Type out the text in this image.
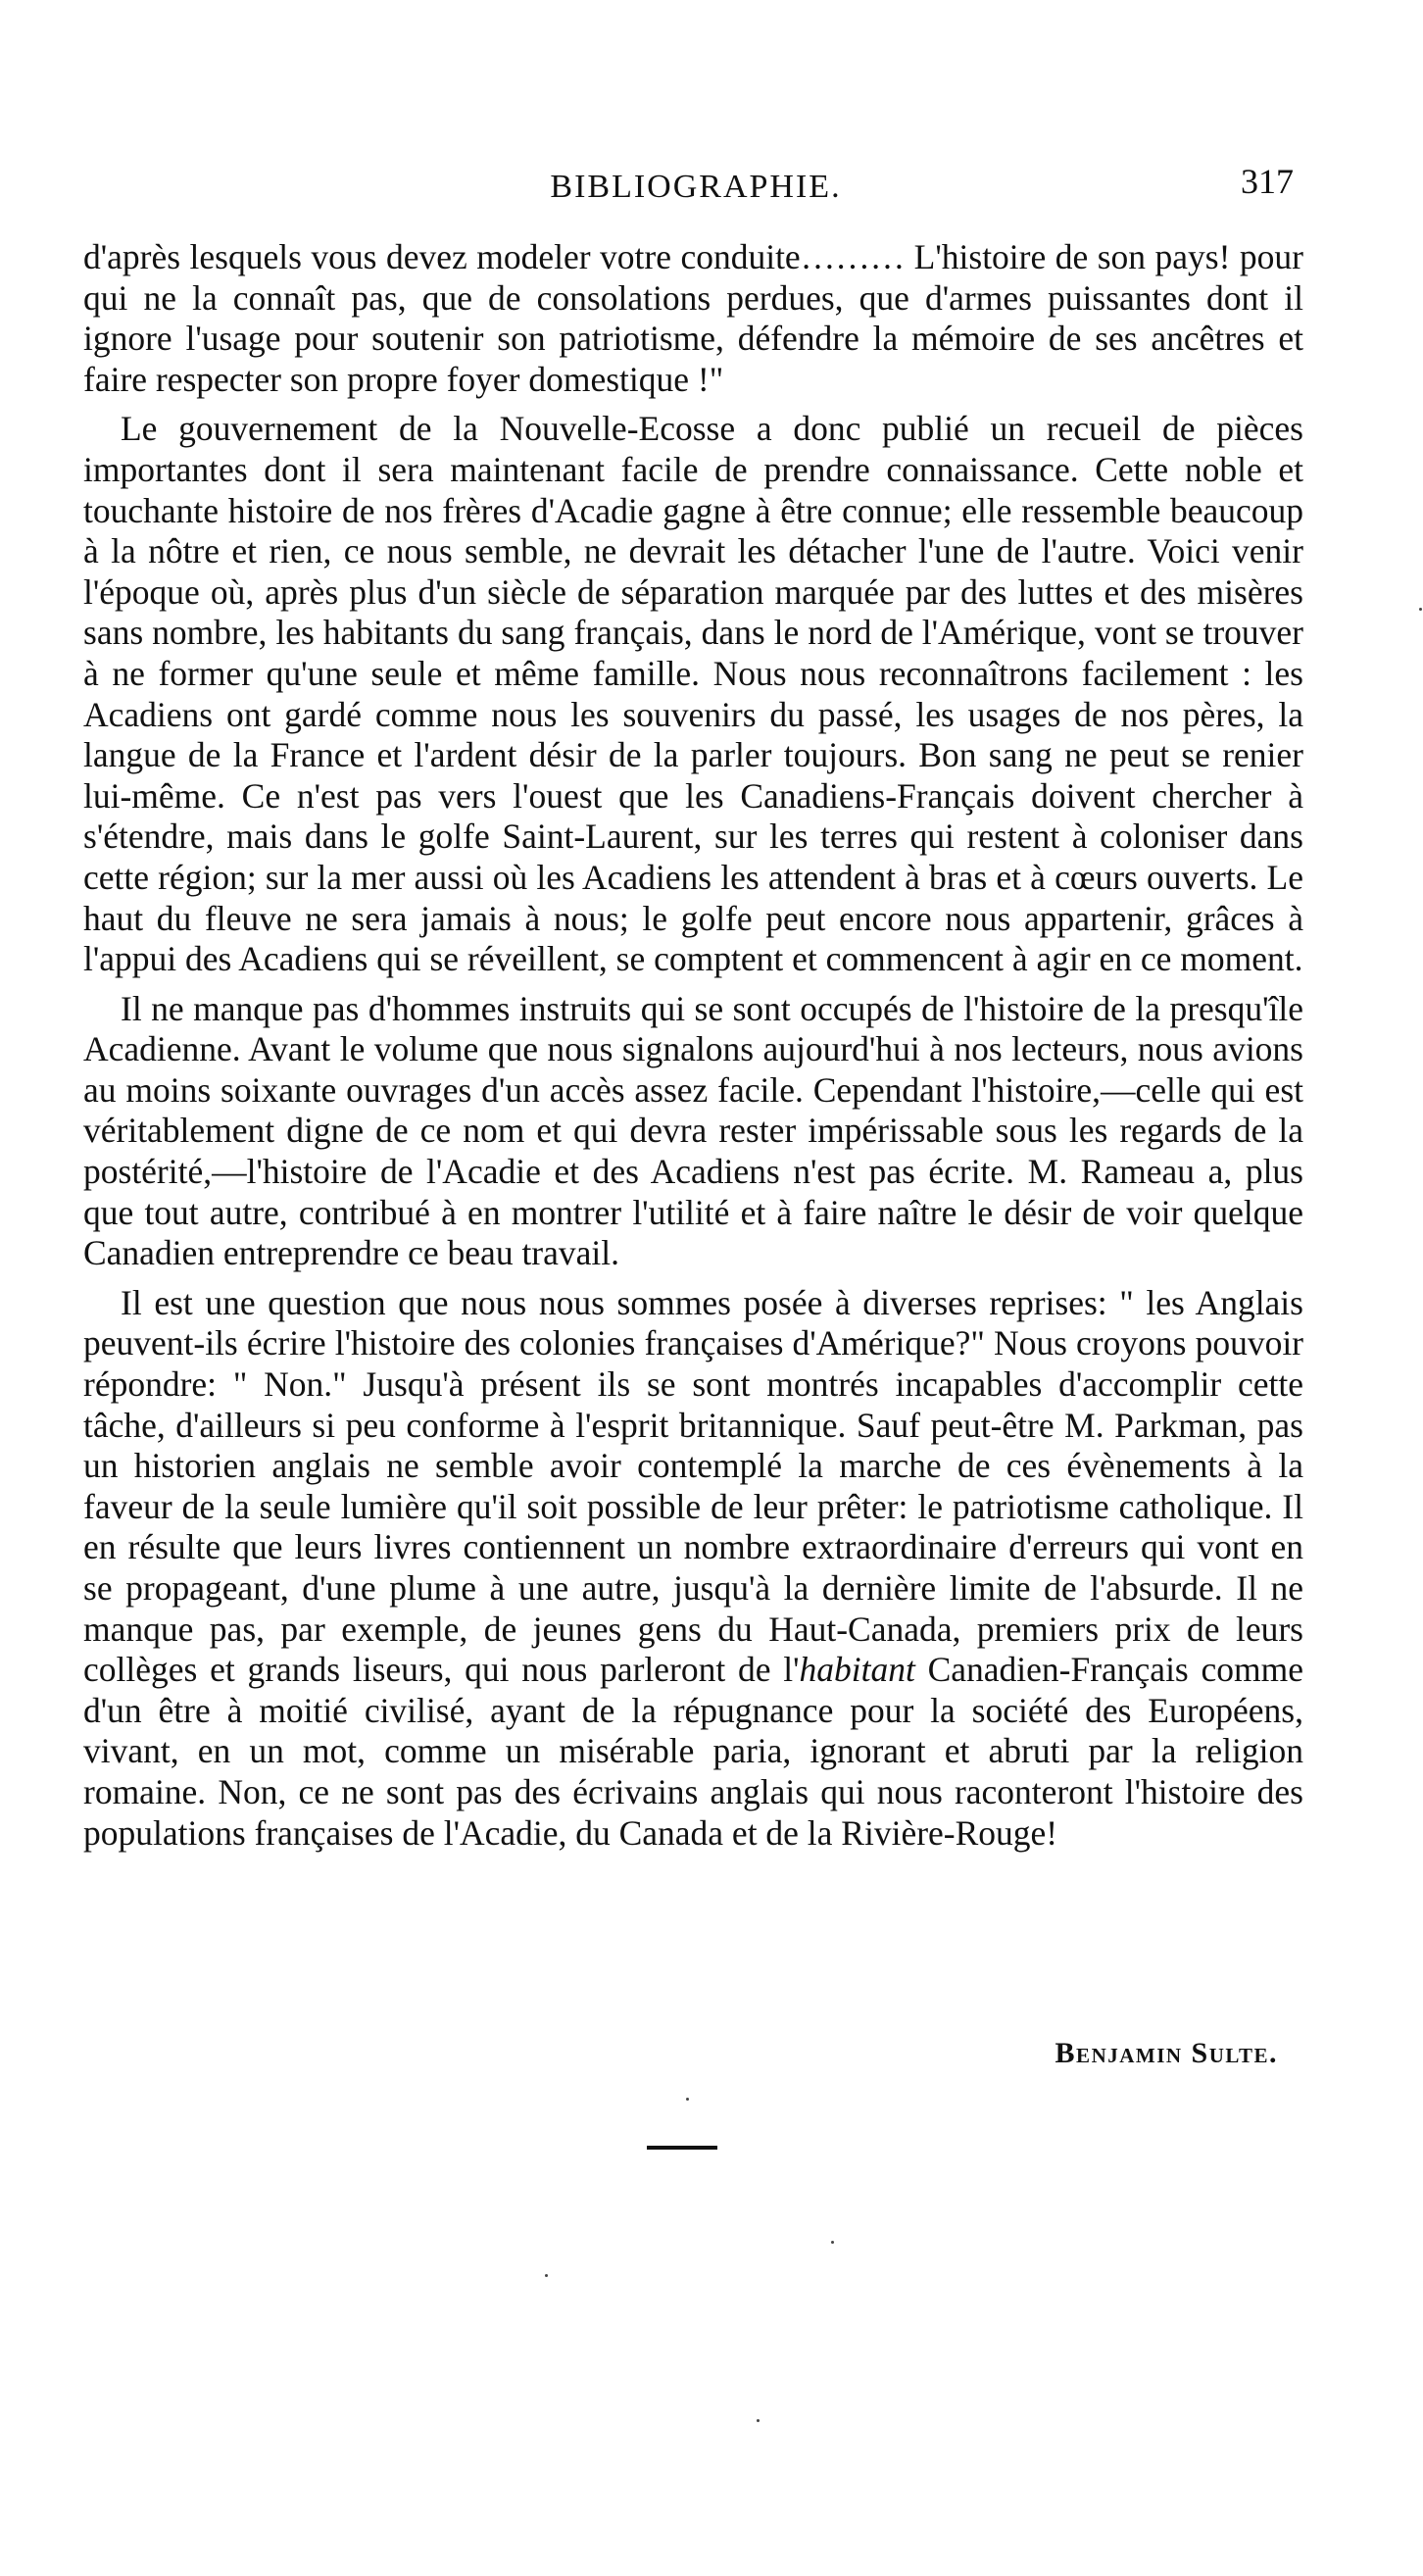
BIBLIOGRAPHIE.	317

d'après lesquels vous devez modeler votre conduite……… L'histoire de son pays! pour qui ne la connaît pas, que de consolations perdues, que d'armes puissantes dont il ignore l'usage pour soutenir son patriotisme, défendre la mémoire de ses ancêtres et faire respecter son propre foyer domestique !"

Le gouvernement de la Nouvelle-Ecosse a donc publié un recueil de pièces importantes dont il sera maintenant facile de prendre connaissance. Cette noble et touchante histoire de nos frères d'Acadie gagne à être connue; elle ressemble beaucoup à la nôtre et rien, ce nous semble, ne devrait les détacher l'une de l'autre. Voici venir l'époque où, après plus d'un siècle de séparation marquée par des luttes et des misères sans nombre, les habitants du sang français, dans le nord de l'Amérique, vont se trouver à ne former qu'une seule et même famille. Nous nous reconnaîtrons facilement : les Acadiens ont gardé comme nous les souvenirs du passé, les usages de nos pères, la langue de la France et l'ardent désir de la parler toujours. Bon sang ne peut se renier lui-même. Ce n'est pas vers l'ouest que les Canadiens-Français doivent chercher à s'étendre, mais dans le golfe Saint-Laurent, sur les terres qui restent à coloniser dans cette région; sur la mer aussi où les Acadiens les attendent à bras et à cœurs ouverts. Le haut du fleuve ne sera jamais à nous; le golfe peut encore nous appartenir, grâces à l'appui des Acadiens qui se réveillent, se comptent et commencent à agir en ce moment.

Il ne manque pas d'hommes instruits qui se sont occupés de l'histoire de la presqu'île Acadienne. Avant le volume que nous signalons aujourd'hui à nos lecteurs, nous avions au moins soixante ouvrages d'un accès assez facile. Cependant l'histoire,—celle qui est véritablement digne de ce nom et qui devra rester impérissable sous les regards de la postérité,—l'histoire de l'Acadie et des Acadiens n'est pas écrite. M. Rameau a, plus que tout autre, contribué à en montrer l'utilité et à faire naître le désir de voir quelque Canadien entreprendre ce beau travail.

Il est une question que nous nous sommes posée à diverses reprises: " les Anglais peuvent-ils écrire l'histoire des colonies françaises d'Amérique?" Nous croyons pouvoir répondre: " Non." Jusqu'à présent ils se sont montrés incapables d'accomplir cette tâche, d'ailleurs si peu conforme à l'esprit britannique. Sauf peut-être M. Parkman, pas un historien anglais ne semble avoir contemplé la marche de ces évènements à la faveur de la seule lumière qu'il soit possible de leur prêter: le patriotisme catholique. Il en résulte que leurs livres contiennent un nombre extraordinaire d'erreurs qui vont en se propageant, d'une plume à une autre, jusqu'à la dernière limite de l'absurde. Il ne manque pas, par exemple, de jeunes gens du Haut-Canada, premiers prix de leurs collèges et grands liseurs, qui nous parleront de l'habitant Canadien-Français comme d'un être à moitié civilisé, ayant de la répugnance pour la société des Européens, vivant, en un mot, comme un misérable paria, ignorant et abruti par la religion romaine. Non, ce ne sont pas des écrivains anglais qui nous raconteront l'histoire des populations françaises de l'Acadie, du Canada et de la Rivière-Rouge!

Benjamin Sulte.
